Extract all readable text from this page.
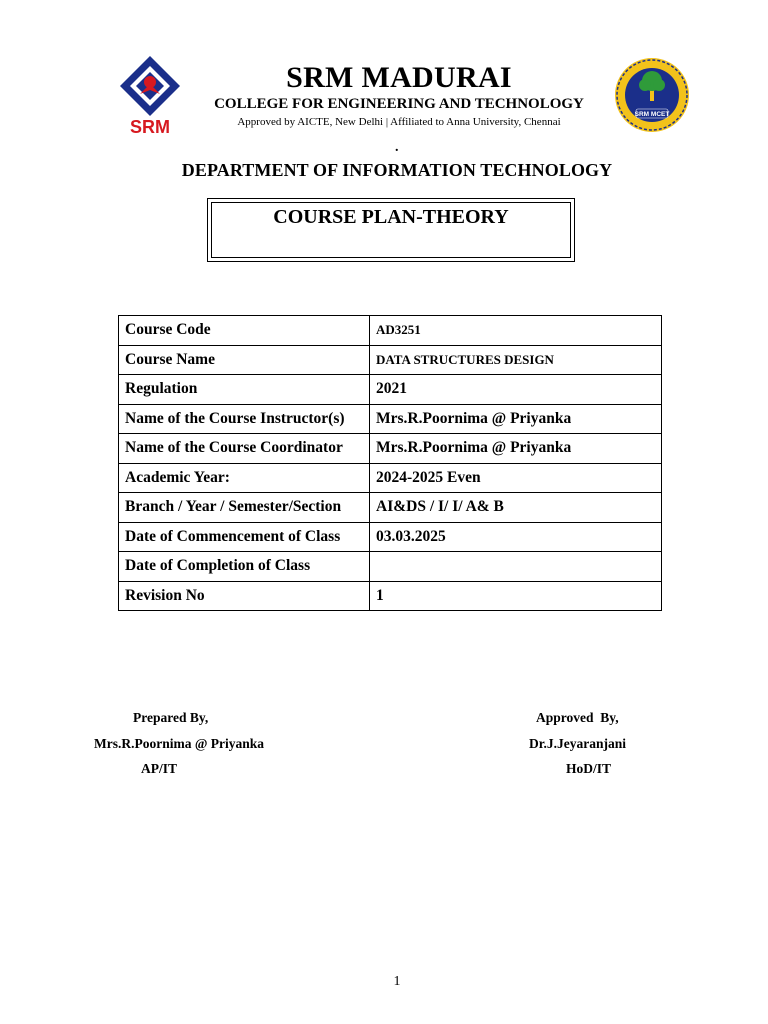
SRM
SRM MADURAI
COLLEGE FOR ENGINEERING AND TECHNOLOGY
Approved by AICTE, New Delhi | Affiliated to Anna University, Chennai
SRM MCET
.
DEPARTMENT OF INFORMATION TECHNOLOGY
COURSE PLAN-THEORY
Course Code	AD3251
Course Name	DATA STRUCTURES DESIGN
Regulation	2021
Name of the Course Instructor(s)	Mrs.R.Poornima @ Priyanka
Name of the Course Coordinator	Mrs.R.Poornima @ Priyanka
Academic Year:	2024-2025 Even
Branch / Year / Semester/Section	AI&DS / I/ I/ A& B
Date of Commencement of Class	03.03.2025
Date of Completion of Class	
Revision No	1
Prepared By,
Mrs.R.Poornima @ Priyanka
AP/IT
Approved  By,
Dr.J.Jeyaranjani
HoD/IT
1
